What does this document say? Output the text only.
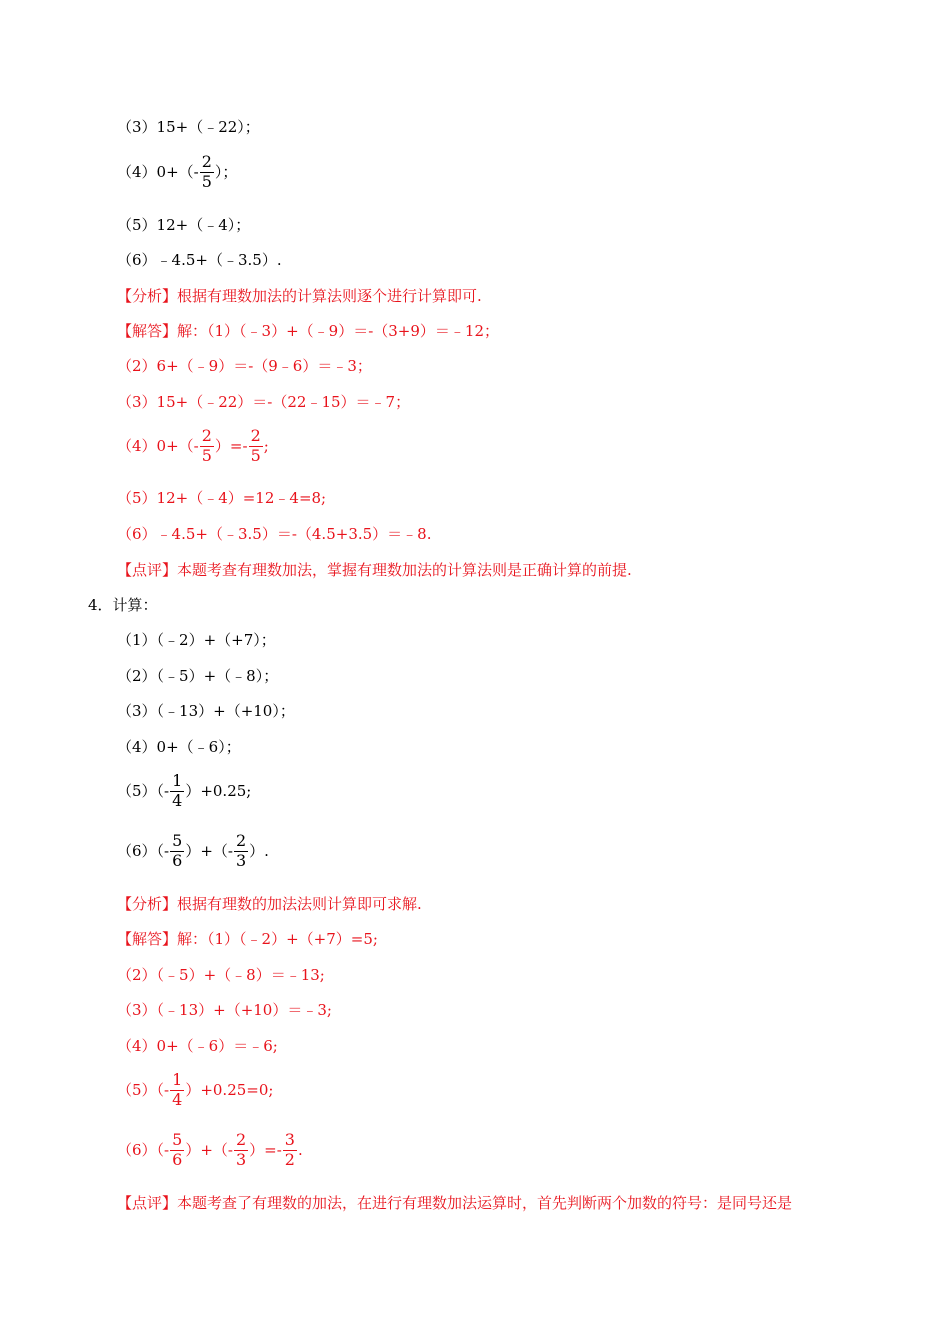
（3）15+（﹣22）；
$(4)0+(- \frac{2}{5}$ ）；
（5）12+（﹣4）；
（6）﹣4.5+（﹣3.5）.
【分析】根据有理数加法的计算法则逐个进行计算即可.
【解答】解：（1）（﹣3）+（﹣9）＝-（3+9）＝﹣12；
（2）6+（﹣9）＝-（9﹣6）＝﹣3；
（3）15+（﹣22）＝-（22﹣15）＝﹣7；
$(4)0+(- \frac{2}{5}$ ）=- $\frac{2}{5}$ ;
（5）12+（﹣4）=12﹣4=8;
（6）﹣4.5+（﹣3.5）＝-（4.5+3.5）＝﹣8.
【点评】本题考查有理数加法，掌握有理数加法的计算法则是正确计算的前提.
4．计算：
（1）（﹣2）+（+7）；
（2）（﹣5）+（﹣8）；
（3）（﹣13）+（+10）；
（4）0+（﹣6）；
$(5)(- \frac{1}{4} )+0.25$;
$(6)(- \frac{5}{6}$ ）+（- $\frac{2}{3}$ ）.
【分析】根据有理数的加法法则计算即可求解.
【解答】解：（1）（﹣2）+（+7）=5;
（2）（﹣5）+（﹣8）＝﹣13;
（3）（﹣13）+（+10）＝﹣3;
（4）0+（﹣6）＝﹣6;
$(5)(- \frac{1}{4} )+0.25=0$;
$(6)(- \frac{5}{6}$ ）+（- $\frac{2}{3}$ ）=- $\frac{3}{2}$ .
【点评】本题考查了有理数的加法，在进行有理数加法运算时，首先判断两个加数的符号：是同号还是
